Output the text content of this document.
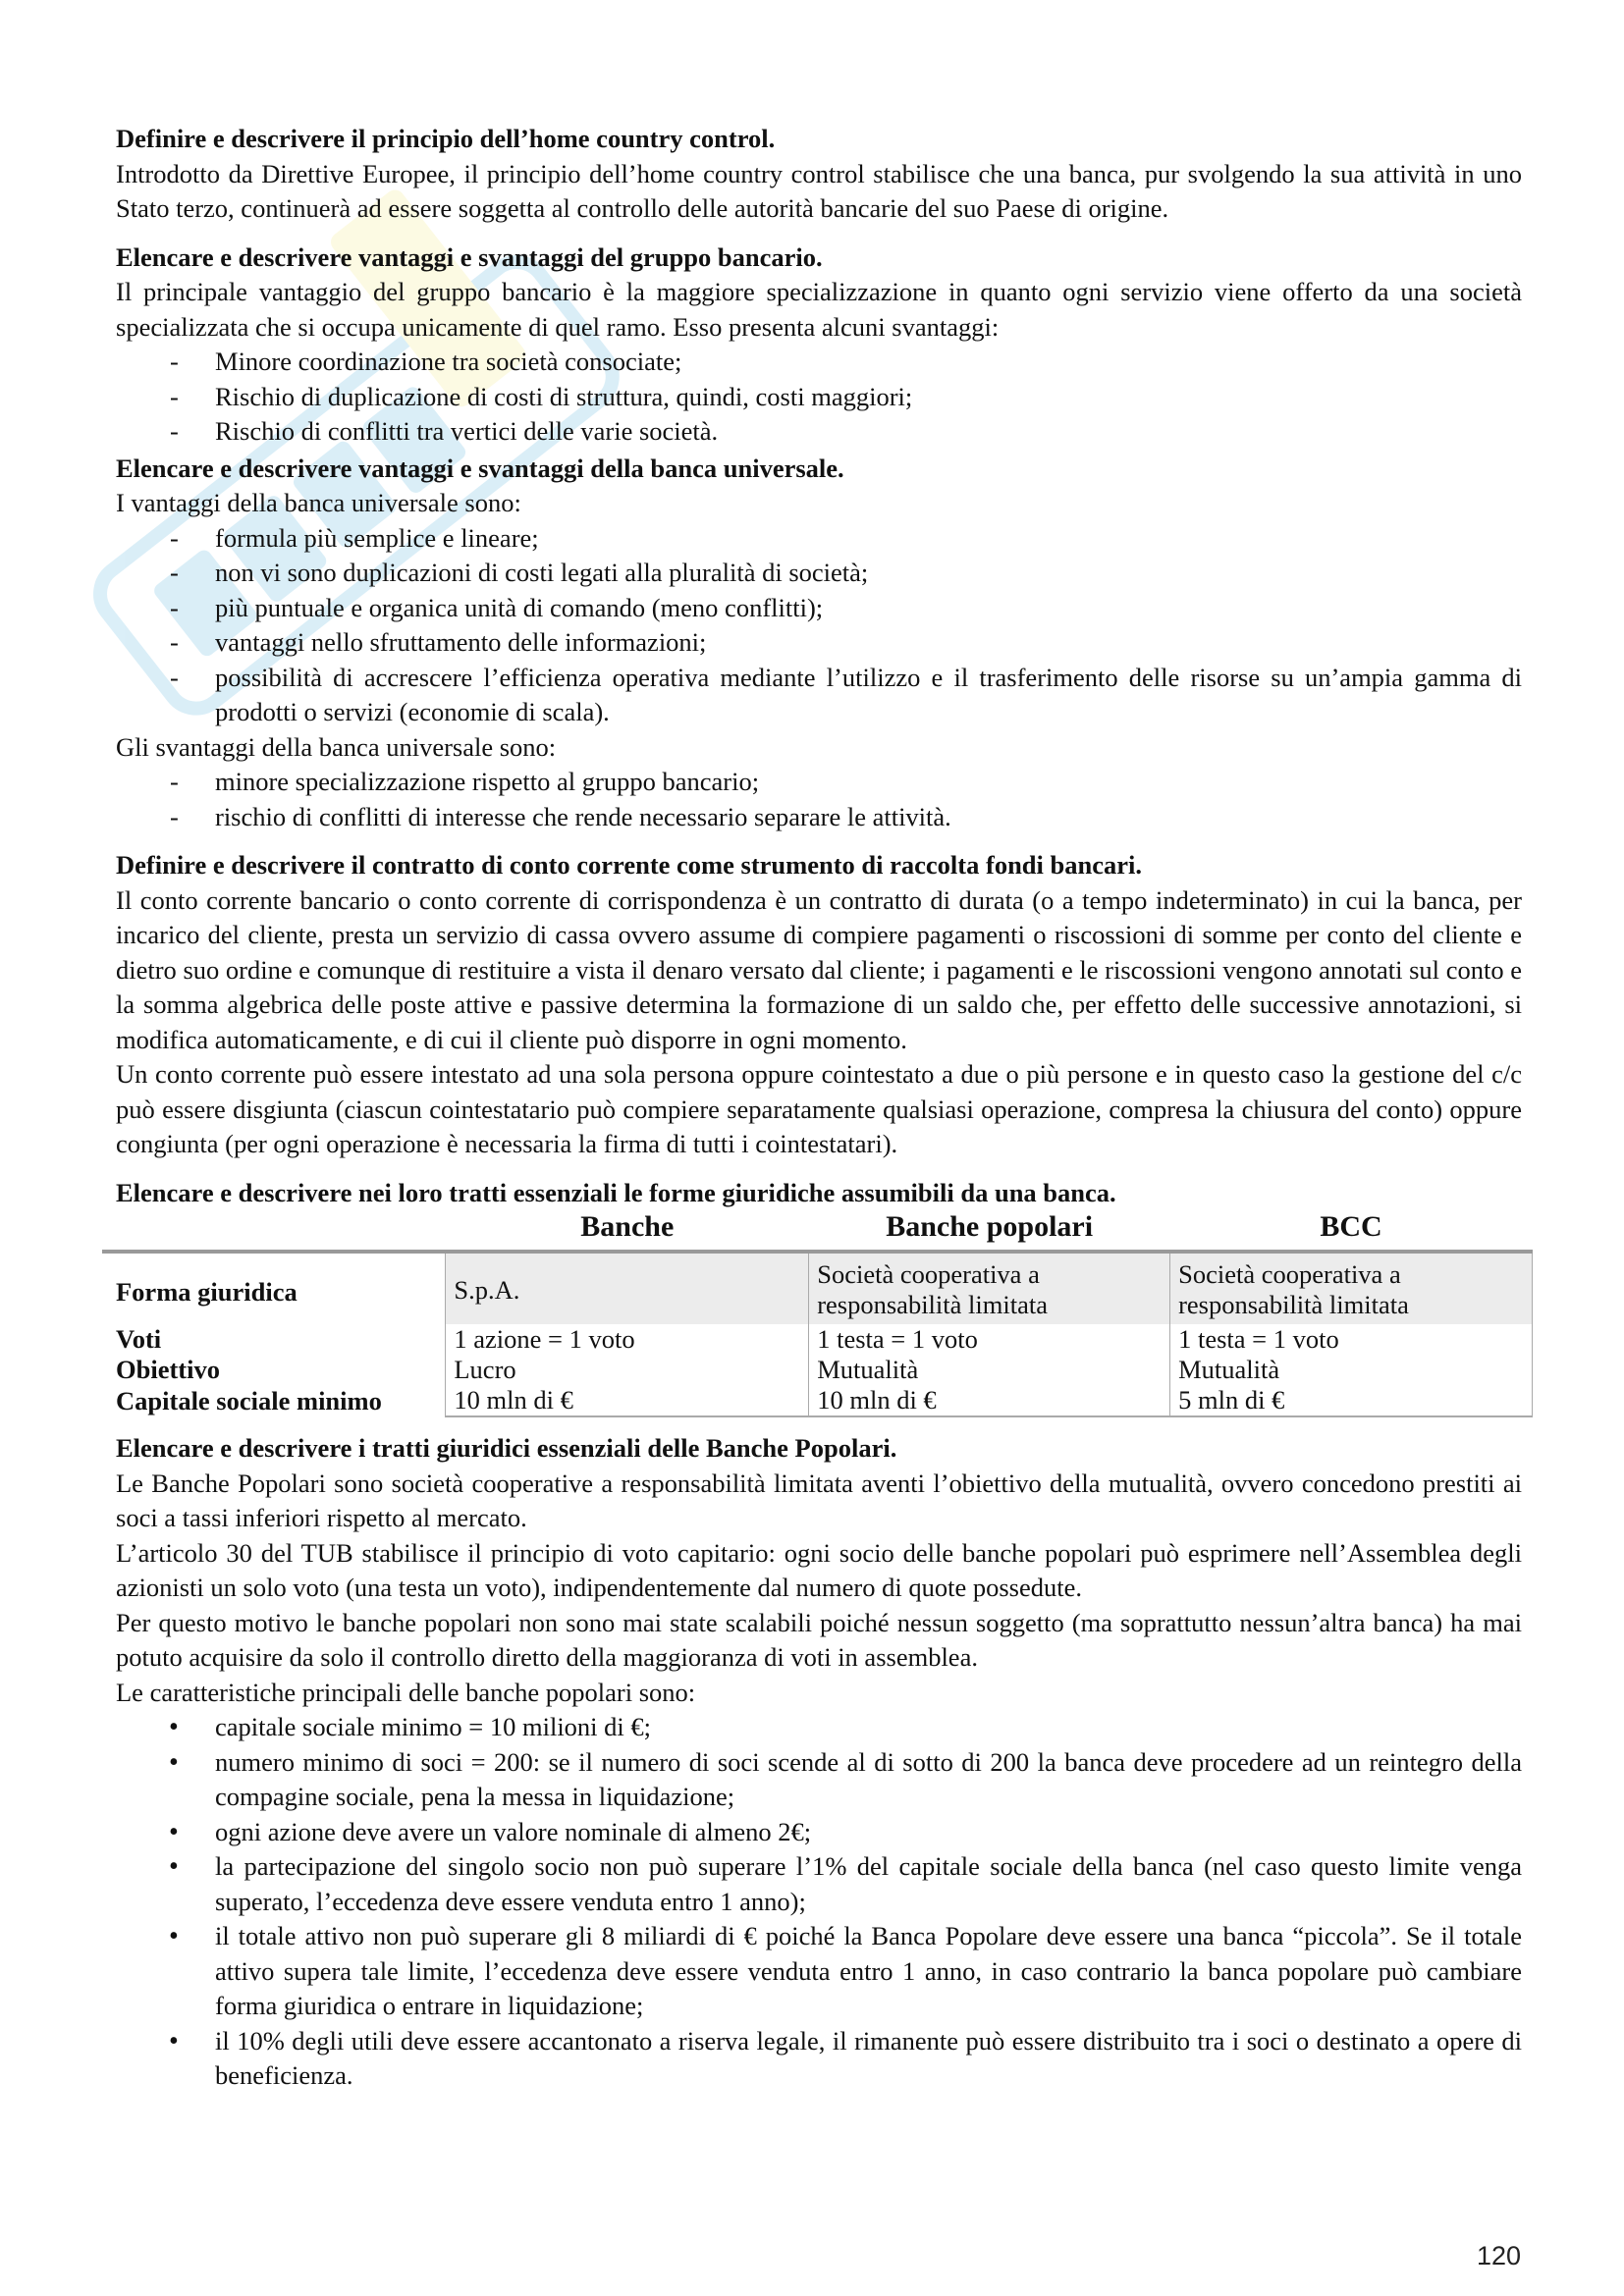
Definire e descrivere il principio dell’home country control.

Introdotto da Direttive Europee, il principio dell’home country control stabilisce che una banca, pur svolgendo la sua attività in uno Stato terzo, continuerà ad essere soggetta al controllo delle autorità bancarie del suo Paese di origine.

Elencare e descrivere vantaggi e svantaggi del gruppo bancario.

Il principale vantaggio del gruppo bancario è la maggiore specializzazione in quanto ogni servizio viene offerto da una società specializzata che si occupa unicamente di quel ramo. Esso presenta alcuni svantaggi:

- Minore coordinazione tra società consociate;
- Rischio di duplicazione di costi di struttura, quindi, costi maggiori;
- Rischio di conflitti tra vertici delle varie società.
Elencare e descrivere vantaggi e svantaggi della banca universale.

I vantaggi della banca universale sono:

- formula più semplice e lineare;
- non vi sono duplicazioni di costi legati alla pluralità di società;
- più puntuale e organica unità di comando (meno conflitti);
- vantaggi nello sfruttamento delle informazioni;
- possibilità di accrescere l’efficienza operativa mediante l’utilizzo e il trasferimento delle risorse su un’ampia gamma di prodotti o servizi (economie di scala).

Gli svantaggi della banca universale sono:

- minore specializzazione rispetto al gruppo bancario;
- rischio di conflitti di interesse che rende necessario separare le attività.
Definire e descrivere il contratto di conto corrente come strumento di raccolta fondi bancari.

Il conto corrente bancario o conto corrente di corrispondenza è un contratto di durata (o a tempo indeterminato) in cui la banca, per incarico del cliente, presta un servizio di cassa ovvero assume di compiere pagamenti o riscossioni di somme per conto del cliente e dietro suo ordine e comunque di restituire a vista il denaro versato dal cliente; i pagamenti e le riscossioni vengono annotati sul conto e la somma algebrica delle poste attive e passive determina la formazione di un saldo che, per effetto delle successive annotazioni, si modifica automaticamente, e di cui il cliente può disporre in ogni momento.

Un conto corrente può essere intestato ad una sola persona oppure cointestato a due o più persone e in questo caso la gestione del c/c può essere disgiunta (ciascun cointestatario può compiere separatamente qualsiasi operazione, compresa la chiusura del conto) oppure congiunta (per ogni operazione è necessaria la firma di tutti i cointestatari).

Elencare e descrivere nei loro tratti essenziali le forme giuridiche assumibili da una banca.
	Banche	Banche popolari	BCC
Forma giuridica	S.p.A.	Società cooperativa a responsabilità limitata	Società cooperativa a responsabilità limitata
Voti	1 azione = 1 voto	1 testa = 1 voto	1 testa = 1 voto
Obiettivo	Lucro	Mutualità	Mutualità
Capitale sociale minimo	10 mln di €	10 mln di €	5 mln di €
Elencare e descrivere i tratti giuridici essenziali delle Banche Popolari.

Le Banche Popolari sono società cooperative a responsabilità limitata aventi l’obiettivo della mutualità, ovvero concedono prestiti ai soci a tassi inferiori rispetto al mercato.

L’articolo 30 del TUB stabilisce il principio di voto capitario: ogni socio delle banche popolari può esprimere nell’Assemblea degli azionisti un solo voto (una testa un voto), indipendentemente dal numero di quote possedute.

Per questo motivo le banche popolari non sono mai state scalabili poiché nessun soggetto (ma soprattutto nessun’altra banca) ha mai potuto acquisire da solo il controllo diretto della maggioranza di voti in assemblea.

Le caratteristiche principali delle banche popolari sono:

• capitale sociale minimo = 10 milioni di €;
• numero minimo di soci = 200: se il numero di soci scende al di sotto di 200 la banca deve procedere ad un reintegro della compagine sociale, pena la messa in liquidazione;
• ogni azione deve avere un valore nominale di almeno 2€;
• la partecipazione del singolo socio non può superare l’1% del capitale sociale della banca (nel caso questo limite venga superato, l’eccedenza deve essere venduta entro 1 anno);
• il totale attivo non può superare gli 8 miliardi di € poiché la Banca Popolare deve essere una banca “piccola”. Se il totale attivo supera tale limite, l’eccedenza deve essere venduta entro 1 anno, in caso contrario la banca popolare può cambiare forma giuridica o entrare in liquidazione;
• il 10% degli utili deve essere accantonato a riserva legale, il rimanente può essere distribuito tra i soci o destinato a opere di beneficienza.
120
